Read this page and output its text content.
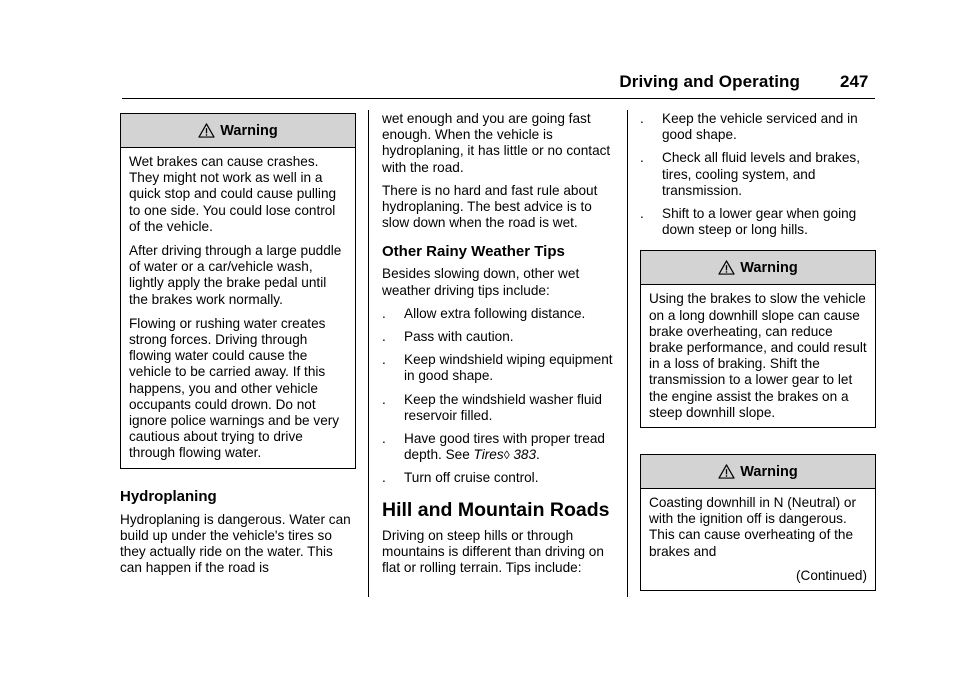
Driving and Operating 247
Warning

Wet brakes can cause crashes. They might not work as well in a quick stop and could cause pulling to one side. You could lose control of the vehicle.

After driving through a large puddle of water or a car/vehicle wash, lightly apply the brake pedal until the brakes work normally.

Flowing or rushing water creates strong forces. Driving through flowing water could cause the vehicle to be carried away. If this happens, you and other vehicle occupants could drown. Do not ignore police warnings and be very cautious about trying to drive through flowing water.

Hydroplaning

Hydroplaning is dangerous. Water can build up under the vehicle's tires so they actually ride on the water. This can happen if the road is

wet enough and you are going fast enough. When the vehicle is hydroplaning, it has little or no contact with the road.

There is no hard and fast rule about hydroplaning. The best advice is to slow down when the road is wet.

Other Rainy Weather Tips

Besides slowing down, other wet weather driving tips include:

.	Allow extra following distance.

.	Pass with caution.

.	Keep windshield wiping equipment in good shape.

.	Keep the windshield washer fluid reservoir filled.

.	Have good tires with proper tread depth. See Tires◊ 383.

.	Turn off cruise control.

Hill and Mountain Roads

Driving on steep hills or through mountains is different than driving on flat or rolling terrain. Tips include:

.	Keep the vehicle serviced and in good shape.

.	Check all fluid levels and brakes, tires, cooling system, and transmission.

.	Shift to a lower gear when going down steep or long hills.

Warning

Using the brakes to slow the vehicle on a long downhill slope can cause brake overheating, can reduce brake performance, and could result in a loss of braking. Shift the transmission to a lower gear to let the engine assist the brakes on a steep downhill slope.

Warning

Coasting downhill in N (Neutral) or with the ignition off is dangerous. This can cause overheating of the brakes and

(Continued)
